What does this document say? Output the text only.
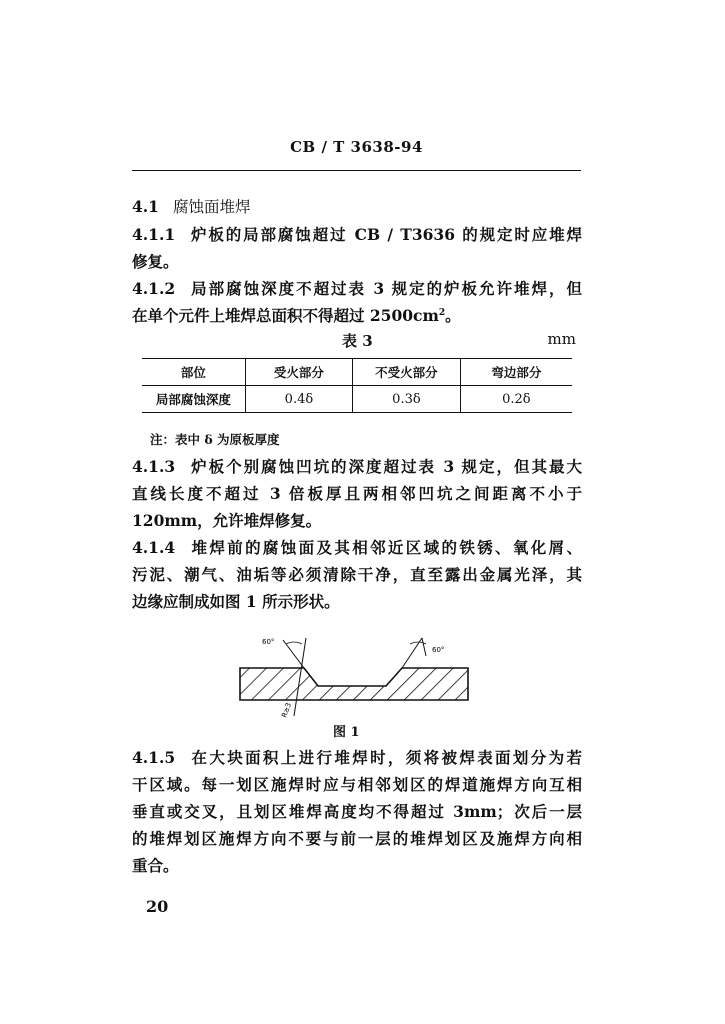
CB / T 3638-94
4.1 腐蚀面堆焊
4.1.1 炉板的局部腐蚀超过 CB / T3636 的规定时应堆焊
修复。
4.1.2 局部腐蚀深度不超过表 3 规定的炉板允许堆焊，但
在单个元件上堆焊总面积不得超过 $2500cm^2$。
表 3	mm
部位	受火部分	不受火部分	弯边部分
局部腐蚀深度	0.4δ	0.3δ	0.2δ
注：表中 δ 为原板厚度
4.1.3 炉板个别腐蚀凹坑的深度超过表 3 规定，但其最大
直线长度不超过 3 倍板厚且两相邻凹坑之间距离不小于
120mm，允许堆焊修复。
4.1.4 堆焊前的腐蚀面及其相邻近区域的铁锈、氧化屑、
污泥、潮气、油垢等必须清除干净，直至露出金属光泽，其
边缘应制成如图 1 所示形状。
60°
60°
R≥3
图 1
4.1.5 在大块面积上进行堆焊时，须将被焊表面划分为若
干区域。每一划区施焊时应与相邻划区的焊道施焊方向互相
垂直或交叉，且划区堆焊高度均不得超过 3mm；次后一层
的堆焊划区施焊方向不要与前一层的堆焊划区及施焊方向相
重合。
20
